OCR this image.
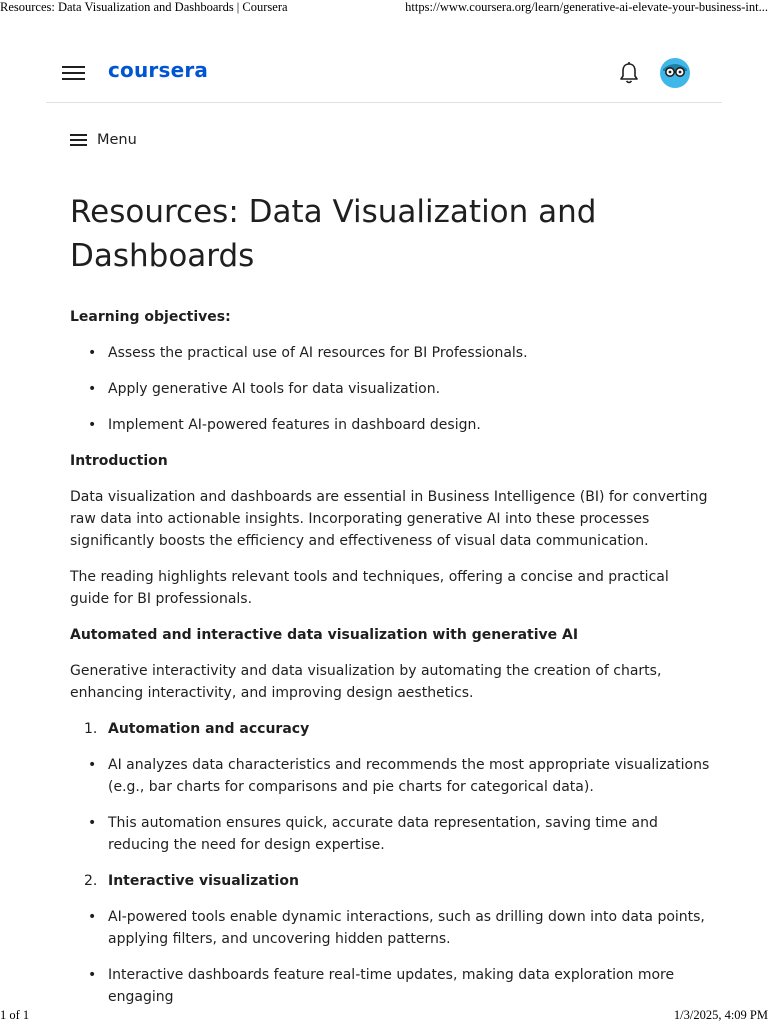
Resources: Data Visualization and Dashboards | Coursera	https://www.coursera.org/learn/generative-ai-elevate-your-business-int...
coursera
Menu
Resources: Data Visualization and
Dashboards

Learning objectives:

• Assess the practical use of AI resources for BI Professionals.
• Apply generative AI tools for data visualization.
• Implement AI-powered features in dashboard design.

Introduction

Data visualization and dashboards are essential in Business Intelligence (BI) for converting raw data into actionable insights. Incorporating generative AI into these processes significantly boosts the efficiency and effectiveness of visual data communication.

The reading highlights relevant tools and techniques, offering a concise and practical guide for BI professionals.

Automated and interactive data visualization with generative AI

Generative interactivity and data visualization by automating the creation of charts, enhancing interactivity, and improving design aesthetics.

1. Automation and accuracy
• AI analyzes data characteristics and recommends the most appropriate visualizations (e.g., bar charts for comparisons and pie charts for categorical data).
• This automation ensures quick, accurate data representation, saving time and reducing the need for design expertise.
2. Interactive visualization
• AI-powered tools enable dynamic interactions, such as drilling down into data points, applying filters, and uncovering hidden patterns.
• Interactive dashboards feature real-time updates, making data exploration more engaging
1 of 1	1/3/2025, 4:09 PM
